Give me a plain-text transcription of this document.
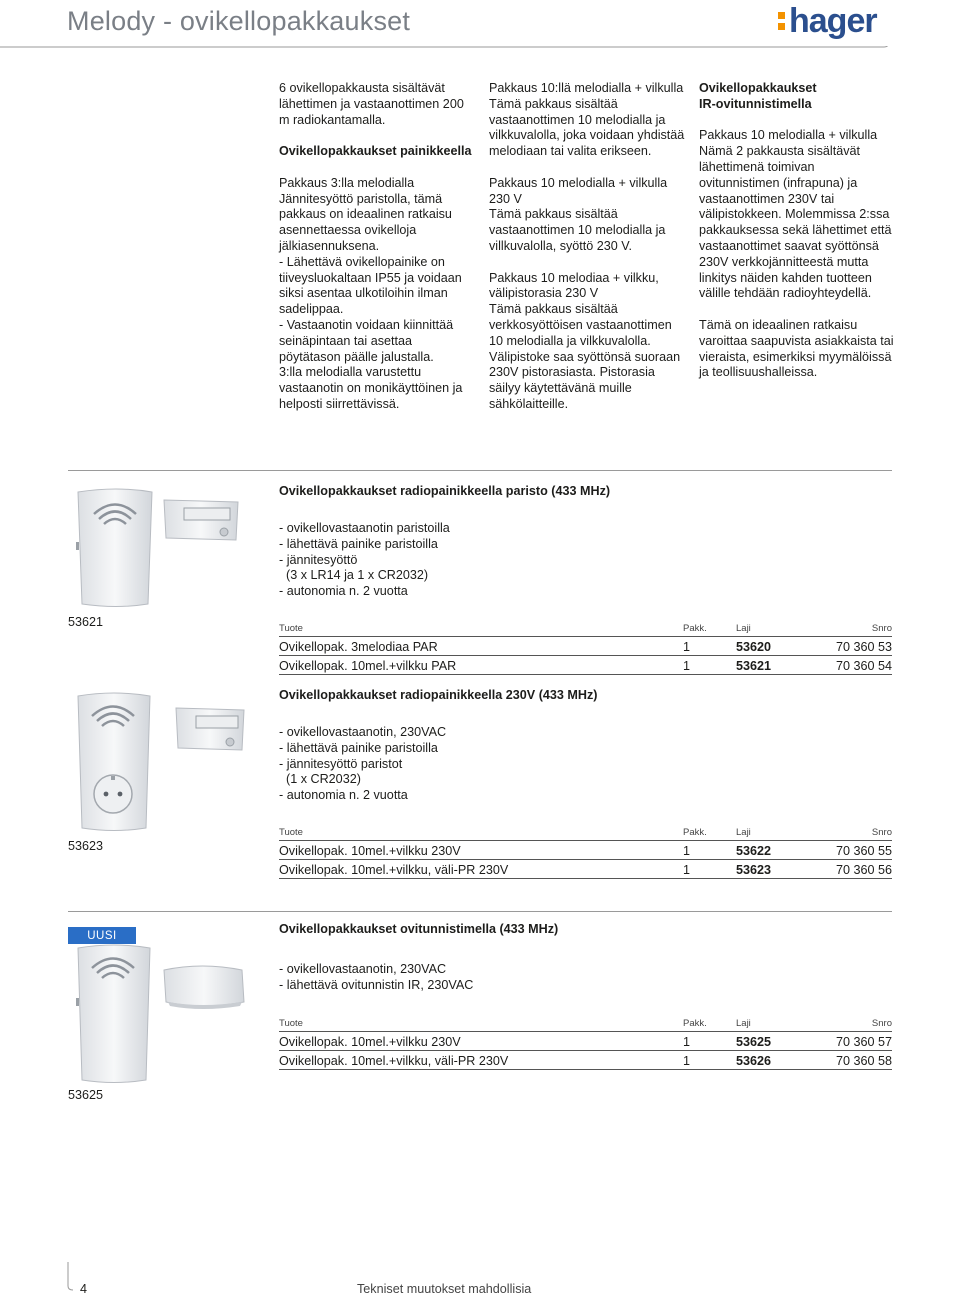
Melody - ovikellopakkaukset	hager

6 ovikellopakkausta sisältävät lähettimen ja vastaanottimen 200 m radiokantamalla.

Ovikellopakkaukset painikkeella

Pakkaus 3:lla melodialla
Jännitesyöttö paristolla, tämä pakkaus on ideaalinen ratkaisu asennettaessa ovikelloja jälkiasennuksena.
- Lähettävä ovikellopainike on tiiveysluokaltaan IP55 ja voidaan siksi asentaa ulkotiloihin ilman sadelippaa.
- Vastaanotin voidaan kiinnittää seinäpintaan tai asettaa pöytätason päälle jalustalla.
3:lla melodialla varustettu vastaanotin on monikäyttöinen ja helposti siirrettävissä.
Pakkaus 10:llä melodialla + vilkulla

Tämä pakkaus sisältää vastaanottimen 10 melodialla ja vilkkuvalolla, joka voidaan yhdistää melodiaan tai valita erikseen.

Pakkaus 10 melodialla + vilkulla 230 V

Tämä pakkaus sisältää vastaanottimen 10 melodialla ja villkuvalolla, syöttö 230 V.

Pakkaus 10 melodiaa + vilkku, välipistorasia 230 V
Tämä pakkaus sisältää verkkosyöttöisen vastaanottimen 10 melodialla ja vilkkuvalolla. Välipistoke saa syöttönsä suoraan 230V pistorasiasta. Pistorasia säilyy käytettävänä muille sähkölaitteille.
Ovikellopakkaukset

IR-ovitunnistimella

Pakkaus 10 melodialla + vilkulla

Nämä 2 pakkausta sisältävät lähettimenä toimivan ovitunnistimen (infrapuna) ja vastaanottimen 230V tai välipistokkeen. Molemmissa 2:ssa pakkauksessa sekä lähettimet että vastaanottimet saavat syöttönsä 230V verkkojännitteestä mutta linkitys näiden kahden tuotteen välille tehdään radioyhteydellä.

Tämä on ideaalinen ratkaisu varoittaa saapuvista asiakkaista tai vieraista, esimerkiksi myymälöissä ja teollisuushalleissa.

Ovikellopakkaukset radiopainikkeella paristo (433 MHz)
- ovikellovastaanotin paristoilla
- lähettävä painike paristoilla
- jännitesyöttö
(3 x LR14 ja 1 x CR2032)
- autonomia n. 2 vuotta
53621	Tuote	Pakk.	Laji	Snro
Ovikellopak. 3melodiaa PAR	1	53620	70 360 53
Ovikellopak. 10mel.+vilkku PAR	1	53621	70 360 54
Ovikellopakkaukset radiopainikkeella 230V (433 MHz)
- ovikellovastaanotin, 230VAC
- lähettävä painike paristoilla
- jännitesyöttö paristot
(1 x CR2032)
- autonomia n. 2 vuotta
53623
Tuote	Pakk.	Laji	Snro
Ovikellopak. 10mel.+vilkku 230V	1	53622	70 360 55
Ovikellopak. 10mel.+vilkku, väli-PR 230V	1	53623	70 360 56
UUSI	Ovikellopakkaukset ovitunnistimella (433 MHz)
- ovikellovastaanotin, 230VAC
- lähettävä ovitunnistin IR, 230VAC
Tuote	Pakk.	Laji	Snro
Ovikellopak. 10mel.+vilkku 230V	1	53625	70 360 57
Ovikellopak. 10mel.+vilkku, väli-PR 230V	1	53626	70 360 58
53625
4	Tekniset muutokset mahdollisia
